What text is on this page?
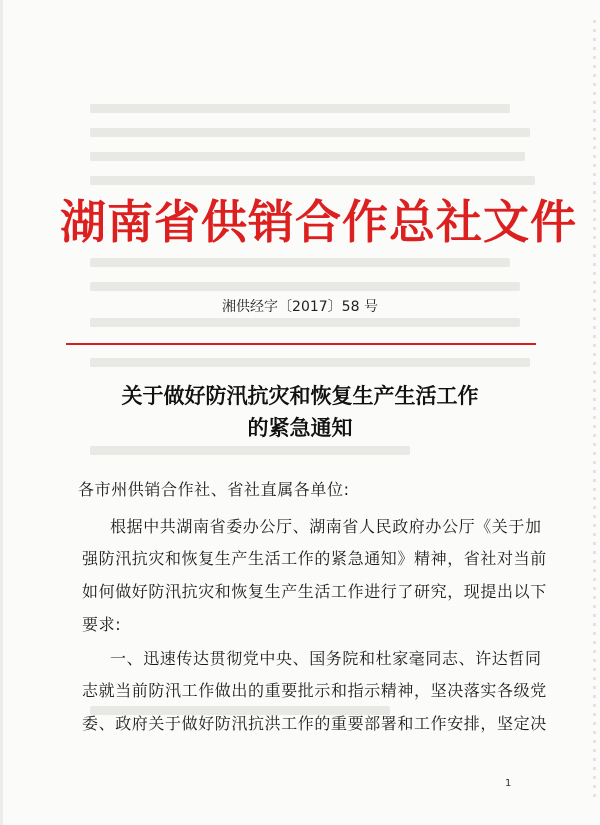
湖南省供销合作总社文件
湘供经字〔2017〕58 号
关于做好防汛抗灾和恢复生产生活工作
的紧急通知
各市州供销合作社、省社直属各单位:
根据中共湖南省委办公厅、湖南省人民政府办公厅《关于加
强防汛抗灾和恢复生产生活工作的紧急通知》精神，省社对当前
如何做好防汛抗灾和恢复生产生活工作进行了研究，现提出以下
要求:
一、迅速传达贯彻党中央、国务院和杜家毫同志、许达哲同
志就当前防汛工作做出的重要批示和指示精神，坚决落实各级党
委、政府关于做好防汛抗洪工作的重要部署和工作安排，坚定决
1
